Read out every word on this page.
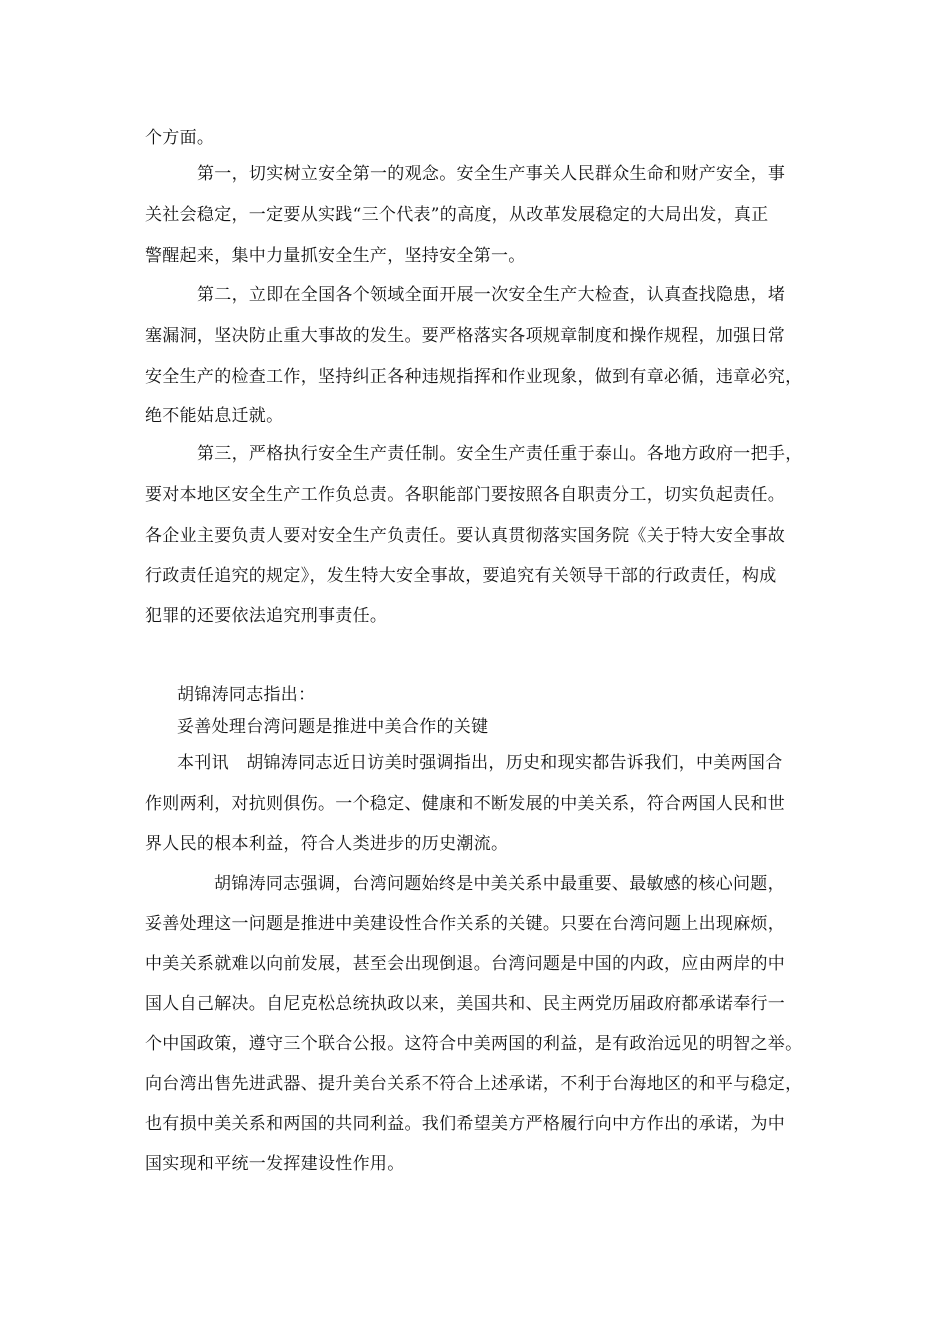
个方面。
第一，切实树立安全第一的观念。安全生产事关人民群众生命和财产安全，事
关社会稳定，一定要从实践“三个代表”的高度，从改革发展稳定的大局出发，真正
警醒起来，集中力量抓安全生产，坚持安全第一。
第二，立即在全国各个领域全面开展一次安全生产大检查，认真查找隐患，堵
塞漏洞，坚决防止重大事故的发生。要严格落实各项规章制度和操作规程，加强日常
安全生产的检查工作，坚持纠正各种违规指挥和作业现象，做到有章必循，违章必究，
绝不能姑息迁就。
第三，严格执行安全生产责任制。安全生产责任重于泰山。各地方政府一把手，
要对本地区安全生产工作负总责。各职能部门要按照各自职责分工，切实负起责任。
各企业主要负责人要对安全生产负责任。要认真贯彻落实国务院《关于特大安全事故
行政责任追究的规定》，发生特大安全事故，要追究有关领导干部的行政责任，构成
犯罪的还要依法追究刑事责任。
胡锦涛同志指出：
妥善处理台湾问题是推进中美合作的关键
本刊讯　胡锦涛同志近日访美时强调指出，历史和现实都告诉我们，中美两国合
作则两利，对抗则俱伤。一个稳定、健康和不断发展的中美关系，符合两国人民和世
界人民的根本利益，符合人类进步的历史潮流。
胡锦涛同志强调，台湾问题始终是中美关系中最重要、最敏感的核心问题，
妥善处理这一问题是推进中美建设性合作关系的关键。只要在台湾问题上出现麻烦，
中美关系就难以向前发展，甚至会出现倒退。台湾问题是中国的内政，应由两岸的中
国人自己解决。自尼克松总统执政以来，美国共和、民主两党历届政府都承诺奉行一
个中国政策，遵守三个联合公报。这符合中美两国的利益，是有政治远见的明智之举。
向台湾出售先进武器、提升美台关系不符合上述承诺，不利于台海地区的和平与稳定，
也有损中美关系和两国的共同利益。我们希望美方严格履行向中方作出的承诺，为中
国实现和平统一发挥建设性作用。
